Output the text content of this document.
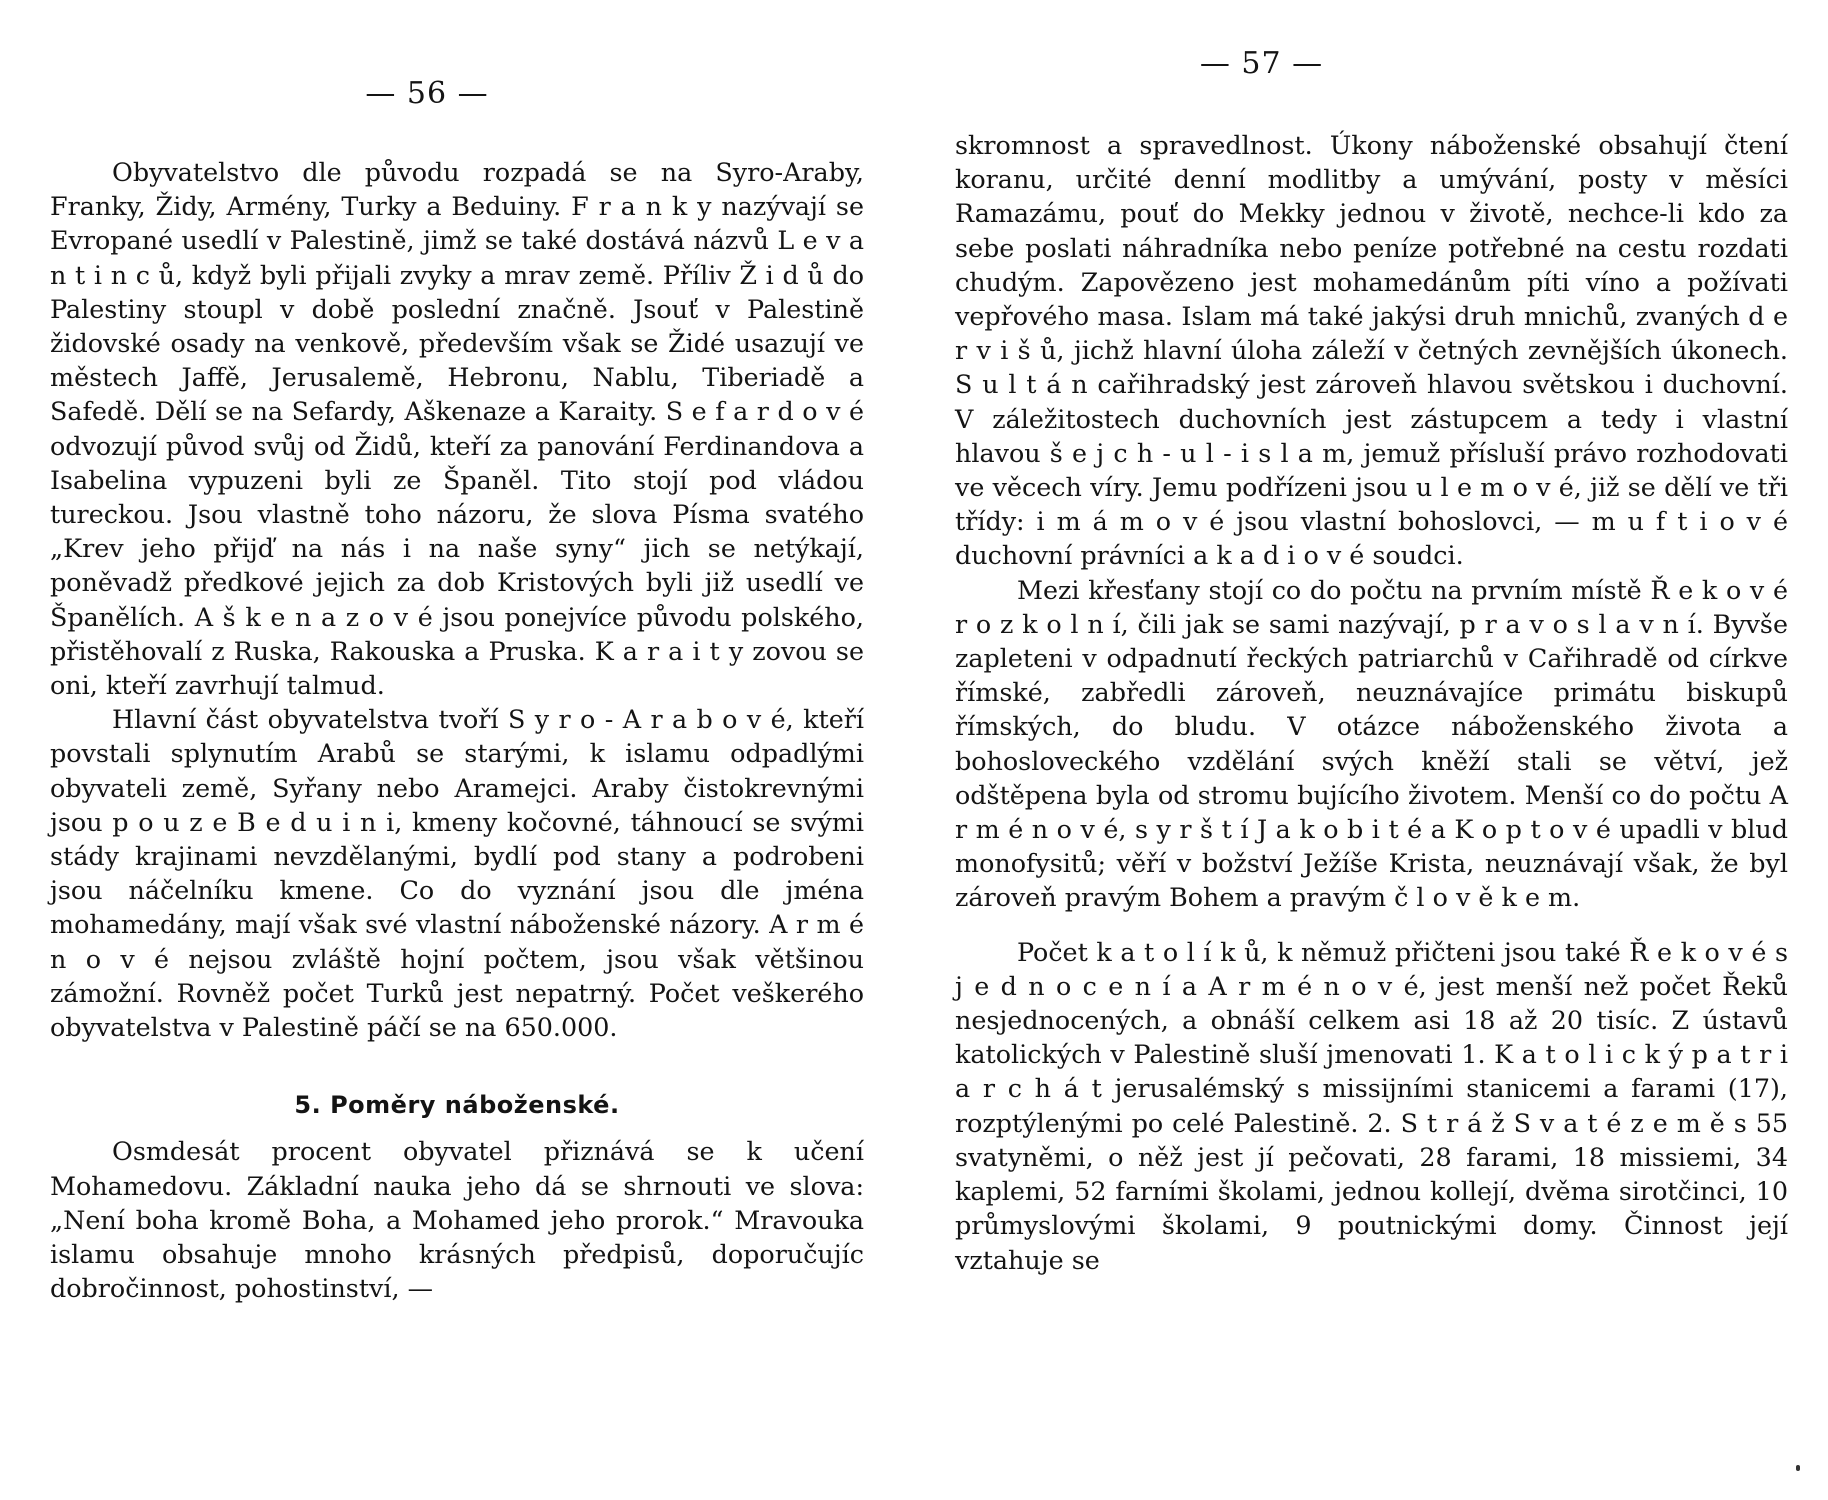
— 56 —

Obyvatelstvo dle původu rozpadá se na Syro-Araby, Franky, Židy, Armény, Turky a Beduiny. F r a n k y nazývají se Evropané usedlí v Palestině, jimž se také dostává názvů L e v a n t i n c ů, když byli přijali zvyky a mrav země. Příliv Ž i d ů do Palestiny stoupl v době poslední značně. Jsouť v Palestině židovské osady na venkově, především však se Židé usazují ve městech Jaffě, Jerusalemě, Hebronu, Nablu, Tiberiadě a Safedě. Dělí se na Sefardy, Aškenaze a Karaity. S e f a r d o v é odvozují původ svůj od Židů, kteří za panování Ferdinandova a Isabelina vypuzeni byli ze Španěl. Tito stojí pod vládou tureckou. Jsou vlastně toho názoru, že slova Písma svatého „Krev jeho přijď na nás i na naše syny“ jich se netýkají, poněvadž předkové jejich za dob Kristových byli již usedlí ve Španělích. A š k e n a z o v é jsou ponejvíce původu polského, přistěhovalí z Ruska, Rakouska a Pruska. K a r a i t y zovou se oni, kteří zavrhují talmud.

Hlavní část obyvatelstva tvoří S y r o - A r a b o v é, kteří povstali splynutím Arabů se starými, k islamu odpadlými obyvateli země, Syřany nebo Aramejci. Araby čistokrevnými jsou p o u z e B e d u i n i, kmeny kočovné, táhnoucí se svými stády krajinami nevzdělanými, bydlí pod stany a podrobeni jsou náčelníku kmene. Co do vyznání jsou dle jména mohamedány, mají však své vlastní náboženské názory. A r m é n o v é nejsou zvláště hojní počtem, jsou však většinou zámožní. Rovněž počet Turků jest nepatrný. Počet veškerého obyvatelstva v Palestině páčí se na 650.000.

5. Poměry náboženské.

Osmdesát procent obyvatel přiznává se k učení Mohamedovu. Základní nauka jeho dá se shrnouti ve slova: „Není boha kromě Boha, a Mohamed jeho prorok.“ Mravouka islamu obsahuje mnoho krásných předpisů, doporučujíc dobročinnost, pohostinství, —

— 57 —

skromnost a spravedlnost. Úkony náboženské obsahují čtení koranu, určité denní modlitby a umývání, posty v měsíci Ramazámu, pouť do Mekky jednou v životě, nechce-li kdo za sebe poslati náhradníka nebo peníze potřebné na cestu rozdati chudým. Zapovězeno jest mohamedánům píti víno a požívati vepřového masa. Islam má také jakýsi druh mnichů, zvaných d e r v i š ů, jichž hlavní úloha záleží v četných zevnějších úkonech. S u l t á n cařihradský jest zároveň hlavou světskou i duchovní. V záležitostech duchovních jest zástupcem a tedy i vlastní hlavou š e j c h - u l - i s l a m, jemuž přísluší právo rozhodovati ve věcech víry. Jemu podřízeni jsou u l e m o v é, již se dělí ve tři třídy: i m á m o v é jsou vlastní bohoslovci, — m u f t i o v é duchovní právníci a k a d i o v é soudci.

Mezi křesťany stojí co do počtu na prvním místě Ř e k o v é r o z k o l n í, čili jak se sami nazývají, p r a v o s l a v n í. Byvše zapleteni v odpadnutí řeckých patriarchů v Cařihradě od církve římské, zabředli zároveň, neuznávajíce primátu biskupů římských, do bludu. V otázce náboženského života a bohosloveckého vzdělání svých kněží stali se větví, jež odštěpena byla od stromu bujícího životem. Menší co do počtu A r m é n o v é, s y r š t í J a k o b i t é a K o p t o v é upadli v blud monofysitů; věří v božství Ježíše Krista, neuznávají však, že byl zároveň pravým Bohem a pravým č l o v ě k e m.

Počet k a t o l í k ů, k němuž přičteni jsou také Ř e k o v é s j e d n o c e n í a A r m é n o v é, jest menší než počet Řeků nesjednocených, a obnáší celkem asi 18 až 20 tisíc. Z ústavů katolických v Palestině sluší jmenovati 1. K a t o l i c k ý p a t r i a r c h á t jerusalémský s missijními stanicemi a farami (17), rozptýlenými po celé Palestině. 2. S t r á ž S v a t é z e m ě s 55 svatyněmi, o něž jest jí pečovati, 28 farami, 18 missiemi, 34 kaplemi, 52 farními školami, jednou kollejí, dvěma sirotčinci, 10 průmyslovými školami, 9 poutnickými domy. Činnost její vztahuje se
